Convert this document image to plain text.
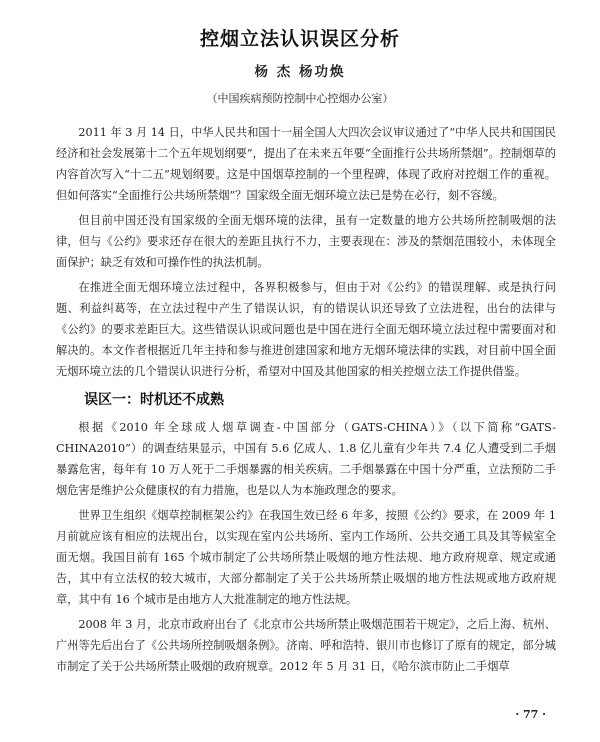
控烟立法认识误区分析
杨 杰 杨功焕
（中国疾病预防控制中心控烟办公室）

2011 年 3 月 14 日，中华人民共和国十一届全国人大四次会议审议通过了“中华人民共和国国民经济和社会发展第十二个五年规划纲要”，提出了在未来五年要“全面推行公共场所禁烟”。控制烟草的内容首次写入“十二五”规划纲要。这是中国烟草控制的一个里程碑，体现了政府对控烟工作的重视。但如何落实“全面推行公共场所禁烟”？国家级全面无烟环境立法已是势在必行，刻不容缓。

但目前中国还没有国家级的全面无烟环境的法律，虽有一定数量的地方公共场所控制吸烟的法律，但与《公约》要求还存在很大的差距且执行不力，主要表现在：涉及的禁烟范围较小，未体现全面保护；缺乏有效和可操作性的执法机制。

在推进全面无烟环境立法过程中，各界积极参与，但由于对《公约》的错误理解、或是执行问题、利益纠葛等，在立法过程中产生了错误认识，有的错误认识还导致了立法进程，出台的法律与《公约》的要求差距巨大。这些错误认识或问题也是中国在进行全面无烟环境立法过程中需要面对和解决的。本文作者根据近几年主持和参与推进创建国家和地方无烟环境法律的实践，对目前中国全面无烟环境立法的几个错误认识进行分析，希望对中国及其他国家的相关控烟立法工作提供借鉴。

误区一：时机还不成熟

根据《2010 年全球成人烟草调查-中国部分（GATS-CHINA）》（以下简称“GATS-CHINA2010”）的调查结果显示，中国有 5.6 亿成人、1.8 亿儿童有少年共 7.4 亿人遭受到二手烟暴露危害，每年有 10 万人死于二手烟暴露的相关疾病。二手烟暴露在中国十分严重，立法预防二手烟危害是维护公众健康权的有力措施，也是以人为本施政理念的要求。

世界卫生组织《烟草控制框架公约》在我国生效已经 6 年多，按照《公约》要求，在 2009 年 1 月前就应该有相应的法规出台，以实现在室内公共场所、室内工作场所、公共交通工具及其等候室全面无烟。我国目前有 165 个城市制定了公共场所禁止吸烟的地方性法规、地方政府规章、规定或通告，其中有立法权的较大城市，大部分都制定了关于公共场所禁止吸烟的地方性法规或地方政府规章，其中有 16 个城市是由地方人大批准制定的地方性法规。

2008 年 3 月，北京市政府出台了《北京市公共场所禁止吸烟范围若干规定》，之后上海、杭州、广州等先后出台了《公共场所控制吸烟条例》。济南、呼和浩特、银川市也修订了原有的规定，部分城市制定了关于公共场所禁止吸烟的政府规章。2012 年 5 月 31 日，《哈尔滨市防止二手烟草

· 77 ·
